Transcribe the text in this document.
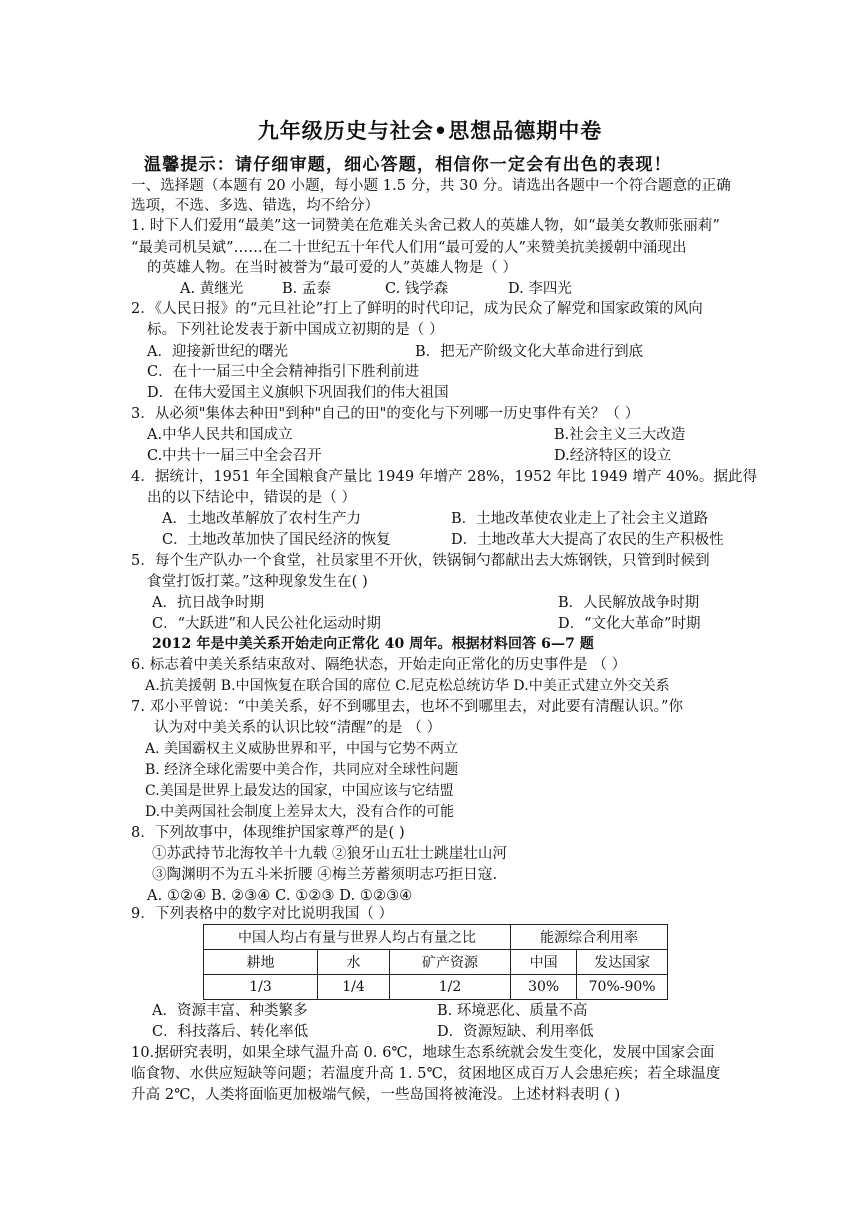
九年级历史与社会•思想品德期中卷
温馨提示：请仔细审题，细心答题，相信你一定会有出色的表现！
一、选择题（本题有 20 小题，每小题 1.5 分，共 30 分。请选出各题中一个符合题意的正确
选项，不选、多选、错选，均不给分）
1. 时下人们爱用“最美”这一词赞美在危难关头舍己救人的英雄人物，如“最美女教师张丽莉”
“最美司机吴斌”……在二十世纪五十年代人们用“最可爱的人”来赞美抗美援朝中涌现出
的英雄人物。在当时被誉为“最可爱的人”英雄人物是（ ）
A. 黄继光	B. 孟泰	C. 钱学森	D. 李四光
2．《人民日报》的“元旦社论”打上了鲜明的时代印记，成为民众了解党和国家政策的风向
标。下列社论发表于新中国成立初期的是（ ）
A．迎接新世纪的曙光	B．把无产阶级文化大革命进行到底
C．在十一届三中全会精神指引下胜利前进
D．在伟大爱国主义旗帜下巩固我们的伟大祖国
3．从必须"集体去种田"到种"自己的田"的变化与下列哪一历史事件有关？（ ）
A.中华人民共和国成立	B.社会主义三大改造
C.中共十一届三中全会召开	D.经济特区的设立
4．据统计，1951 年全国粮食产量比 1949 年增产 28%，1952 年比 1949 增产 40%。据此得
出的以下结论中，错误的是（ ）
A．土地改革解放了农村生产力	B．土地改革使农业走上了社会主义道路
C．土地改革加快了国民经济的恢复	D．土地改革大大提高了农民的生产积极性
5．每个生产队办一个食堂，社员家里不开伙，铁锅铜勺都献出去大炼钢铁，只管到时候到
食堂打饭打菜。”这种现象发生在( )
A．抗日战争时期	B．人民解放战争时期
C．“大跃进”和人民公社化运动时期	D．“文化大革命”时期
2012 年是中美关系开始走向正常化 40 周年。根据材料回答 6—7 题
6. 标志着中美关系结束敌对、隔绝状态，开始走向正常化的历史事件是 （ ）
A.抗美援朝 B.中国恢复在联合国的席位 C.尼克松总统访华 D.中美正式建立外交关系
7. 邓小平曾说：“中美关系，好不到哪里去，也坏不到哪里去，对此要有清醒认识。”你
认为对中美关系的认识比较“清醒”的是 （ ）
A. 美国霸权主义威胁世界和平，中国与它势不两立
B. 经济全球化需要中美合作，共同应对全球性问题
C.美国是世界上最发达的国家，中国应该与它结盟
D.中美两国社会制度上差异太大，没有合作的可能
8．下列故事中，体现维护国家尊严的是( )
①苏武持节北海牧羊十九载 ②狼牙山五壮士跳崖壮山河
③陶渊明不为五斗米折腰 ④梅兰芳蓄须明志巧拒日寇.
A. ①②④ B. ②③④ C. ①②③ D. ①②③④
9．下列表格中的数字对比说明我国（ ）
中国人均占有量与世界人均占有量之比			能源综合利用率	
耕地	水	矿产资源	中国	发达国家
1/3	1/4	1/2	30%	70%-90%
A．资源丰富、种类繁多	B. 环境恶化、质量不高
C．科技落后、转化率低	D．资源短缺、利用率低
10.据研究表明，如果全球气温升高 0. 6℃，地球生态系统就会发生变化，发展中国家会面
临食物、水供应短缺等问题；若温度升高 1. 5℃，贫困地区成百万人会患疟疾；若全球温度
升高 2℃，人类将面临更加极端气候，一些岛国将被淹没。上述材料表明 ( )
